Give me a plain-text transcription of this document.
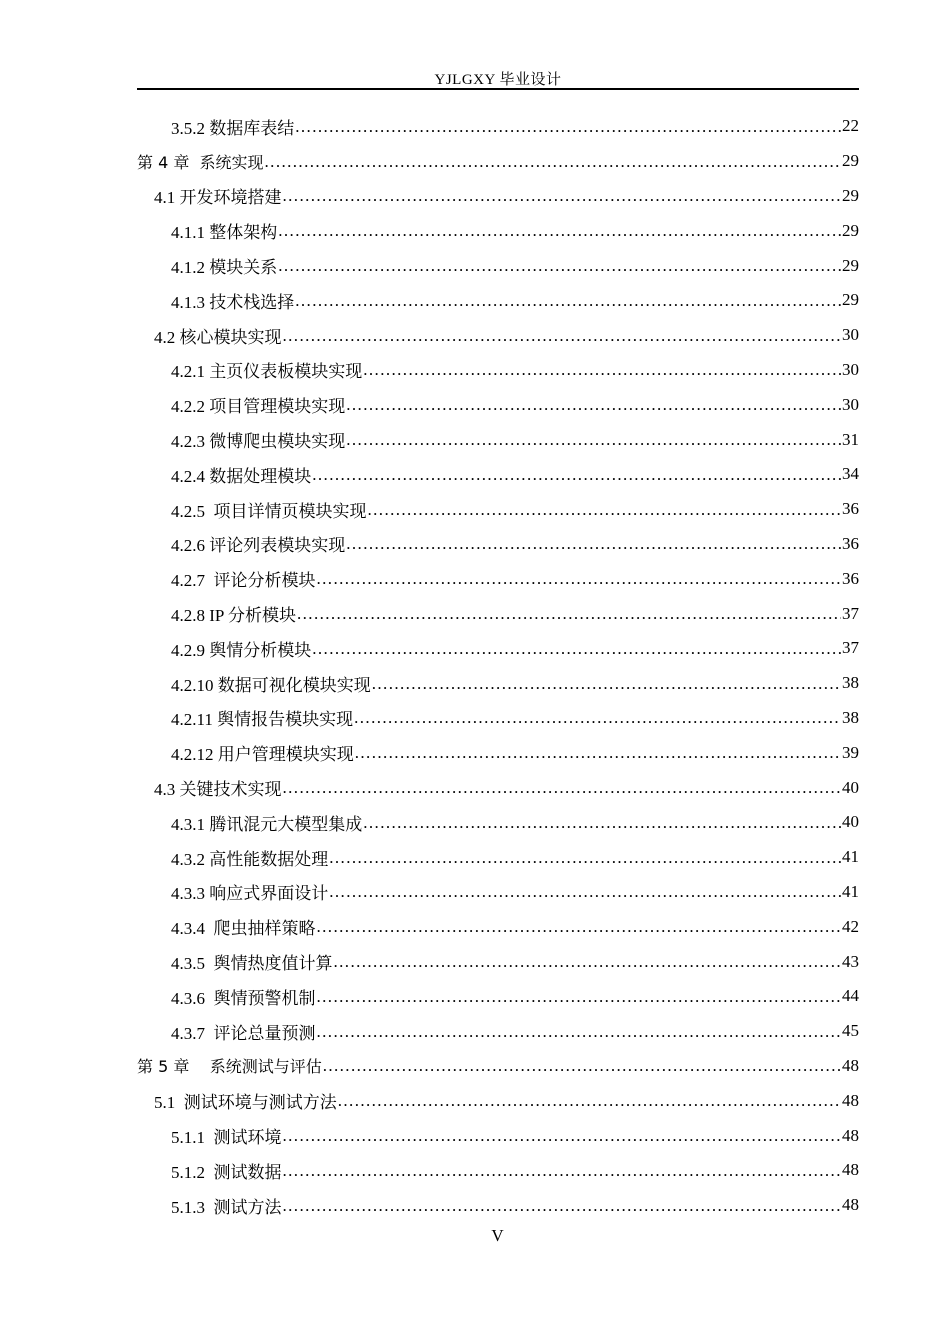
YJLGXY 毕业设计
3.5.2 数据库表结 .....	22
第 4 章  系统实现 .....	29
4.1 开发环境搭建 .....	29
4.1.1 整体架构 .....	29
4.1.2 模块关系 .....	29
4.1.3 技术栈选择 .....	29
4.2 核心模块实现 .....	30
4.2.1 主页仪表板模块实现 .....	30
4.2.2 项目管理模块实现 .....	30
4.2.3 微博爬虫模块实现 .....	31
4.2.4 数据处理模块 .....	34
4.2.5  项目详情页模块实现 .....	36
4.2.6 评论列表模块实现 .....	36
4.2.7  评论分析模块 .....	36
4.2.8 IP 分析模块 .....	37
4.2.9 舆情分析模块 .....	37
4.2.10 数据可视化模块实现 .....	38
4.2.11 舆情报告模块实现 .....	38
4.2.12 用户管理模块实现 .....	39
4.3 关键技术实现 .....	40
4.3.1 腾讯混元大模型集成 .....	40
4.3.2 高性能数据处理 .....	41
4.3.3 响应式界面设计 .....	41
4.3.4  爬虫抽样策略 .....	42
4.3.5  舆情热度值计算 .....	43
4.3.6  舆情预警机制 .....	44
4.3.7  评论总量预测 .....	45
第 5 章    系统测试与评估 .....	48
5.1  测试环境与测试方法 .....	48
5.1.1  测试环境 .....	48
5.1.2  测试数据 .....	48
5.1.3  测试方法 .....	48
V
